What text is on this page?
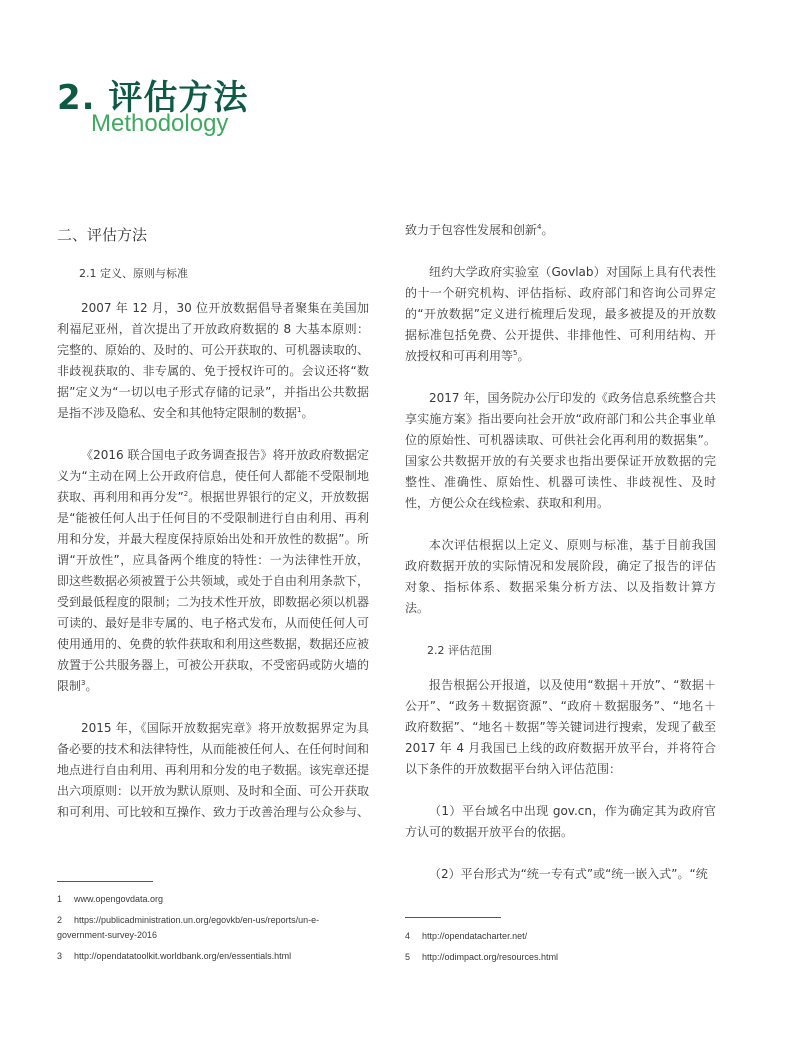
2. 评估方法
Methodology
二、评估方法
2.1 定义、原则与标准

2007 年 12 月，30 位开放数据倡导者聚集在美国加利福尼亚州，首次提出了开放政府数据的 8 大基本原则：完整的、原始的、及时的、可公开获取的、可机器读取的、非歧视获取的、非专属的、免于授权许可的。会议还将“数据”定义为“一切以电子形式存储的记录”，并指出公共数据是指不涉及隐私、安全和其他特定限制的数据$^1$。

《2016 联合国电子政务调查报告》将开放政府数据定义为“主动在网上公开政府信息，使任何人都能不受限制地获取、再利用和再分发”$^2$。根据世界银行的定义，开放数据是“能被任何人出于任何目的不受限制进行自由利用、再利用和分发，并最大程度保持原始出处和开放性的数据”。所谓“开放性”，应具备两个维度的特性：一为法律性开放，即这些数据必须被置于公共领域，或处于自由利用条款下，受到最低程度的限制；二为技术性开放，即数据必须以机器可读的、最好是非专属的、电子格式发布，从而使任何人可使用通用的、免费的软件获取和利用这些数据，数据还应被放置于公共服务器上，可被公开获取，不受密码或防火墙的限制$^3$。

2015 年，《国际开放数据宪章》将开放数据界定为具备必要的技术和法律特性，从而能被任何人、在任何时间和地点进行自由利用、再利用和分发的电子数据。该宪章还提出六项原则：以开放为默认原则、及时和全面、可公开获取和可利用、可比较和互操作、致力于改善治理与公众参与、

致力于包容性发展和创新$^4$。

纽约大学政府实验室（Govlab）对国际上具有代表性的十一个研究机构、评估指标、政府部门和咨询公司界定的“开放数据”定义进行梳理后发现，最多被提及的开放数据标准包括免费、公开提供、非排他性、可利用结构、开放授权和可再利用等$^5$。

2017 年，国务院办公厅印发的《政务信息系统整合共享实施方案》指出要向社会开放“政府部门和公共企事业单位的原始性、可机器读取、可供社会化再利用的数据集”。国家公共数据开放的有关要求也指出要保证开放数据的完整性、准确性、原始性、机器可读性、非歧视性、及时性，方便公众在线检索、获取和利用。

本次评估根据以上定义、原则与标准，基于目前我国政府数据开放的实际情况和发展阶段，确定了报告的评估对象、指标体系、数据采集分析方法、以及指数计算方法。

2.2 评估范围

报告根据公开报道，以及使用“数据＋开放”、“数据＋公开”、“政务＋数据资源”、“政府＋数据服务”、“地名＋政府数据”、“地名＋数据”等关键词进行搜索，发现了截至 2017 年 4 月我国已上线的政府数据开放平台，并将符合以下条件的开放数据平台纳入评估范围：

（1）平台域名中出现 gov.cn，作为确定其为政府官方认可的数据开放平台的依据。

（2）平台形式为“统一专有式”或“统一嵌入式”。“统

1 www.opengovdata.org
2 https://publicadministration.un.org/egovkb/en-us/reports/un-e-
government-survey-2016
3 http://opendatatoolkit.worldbank.org/en/essentials.html
4 http://opendatacharter.net/
5 http://odimpact.org/resources.html
